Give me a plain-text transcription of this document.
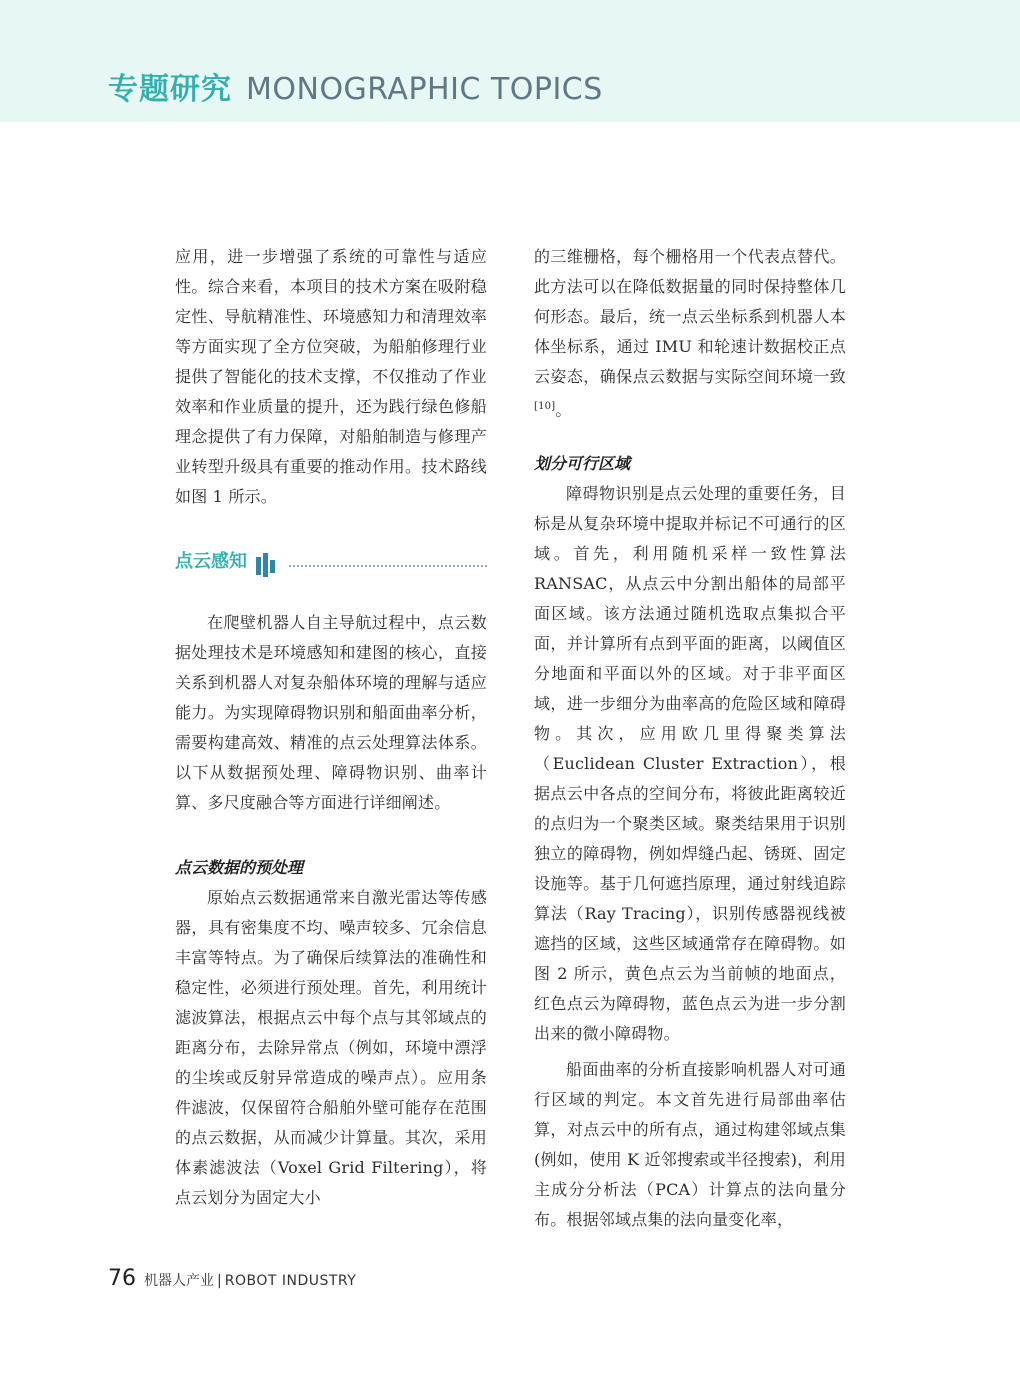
专题研究 MONOGRAPHIC TOPICS

应用，进一步增强了系统的可靠性与适应性。综合来看，本项目的技术方案在吸附稳定性、导航精准性、环境感知力和清理效率等方面实现了全方位突破，为船舶修理行业提供了智能化的技术支撑，不仅推动了作业效率和作业质量的提升，还为践行绿色修船理念提供了有力保障，对船舶制造与修理产业转型升级具有重要的推动作用。技术路线如图 1 所示。

点云感知

在爬壁机器人自主导航过程中，点云数据处理技术是环境感知和建图的核心，直接关系到机器人对复杂船体环境的理解与适应能力。为实现障碍物识别和船面曲率分析，需要构建高效、精准的点云处理算法体系。以下从数据预处理、障碍物识别、曲率计算、多尺度融合等方面进行详细阐述。

点云数据的预处理

原始点云数据通常来自激光雷达等传感器，具有密集度不均、噪声较多、冗余信息丰富等特点。为了确保后续算法的准确性和稳定性，必须进行预处理。首先，利用统计滤波算法，根据点云中每个点与其邻域点的距离分布，去除异常点（例如，环境中漂浮的尘埃或反射异常造成的噪声点）。应用条件滤波，仅保留符合船舶外壁可能存在范围的点云数据，从而减少计算量。其次，采用体素滤波法（Voxel Grid Filtering），将点云划分为固定大小

的三维栅格，每个栅格用一个代表点替代。此方法可以在降低数据量的同时保持整体几何形态。最后，统一点云坐标系到机器人本体坐标系，通过 IMU 和轮速计数据校正点云姿态，确保点云数据与实际空间环境一致[10]。

划分可行区域

障碍物识别是点云处理的重要任务，目标是从复杂环境中提取并标记不可通行的区域。首先，利用随机采样一致性算法 RANSAC，从点云中分割出船体的局部平面区域。该方法通过随机选取点集拟合平面，并计算所有点到平面的距离，以阈值区分地面和平面以外的区域。对于非平面区域，进一步细分为曲率高的危险区域和障碍物。其次，应用欧几里得聚类算法（Euclidean Cluster Extraction），根据点云中各点的空间分布，将彼此距离较近的点归为一个聚类区域。聚类结果用于识别独立的障碍物，例如焊缝凸起、锈斑、固定设施等。基于几何遮挡原理，通过射线追踪算法（Ray Tracing），识别传感器视线被遮挡的区域，这些区域通常存在障碍物。如图 2 所示，黄色点云为当前帧的地面点，红色点云为障碍物，蓝色点云为进一步分割出来的微小障碍物。

船面曲率的分析直接影响机器人对可通行区域的判定。本文首先进行局部曲率估算，对点云中的所有点，通过构建邻域点集(例如，使用 K 近邻搜索或半径搜索)，利用主成分分析法（PCA）计算点的法向量分布。根据邻域点集的法向量变化率，

76 机器人产业 | ROBOT INDUSTRY
